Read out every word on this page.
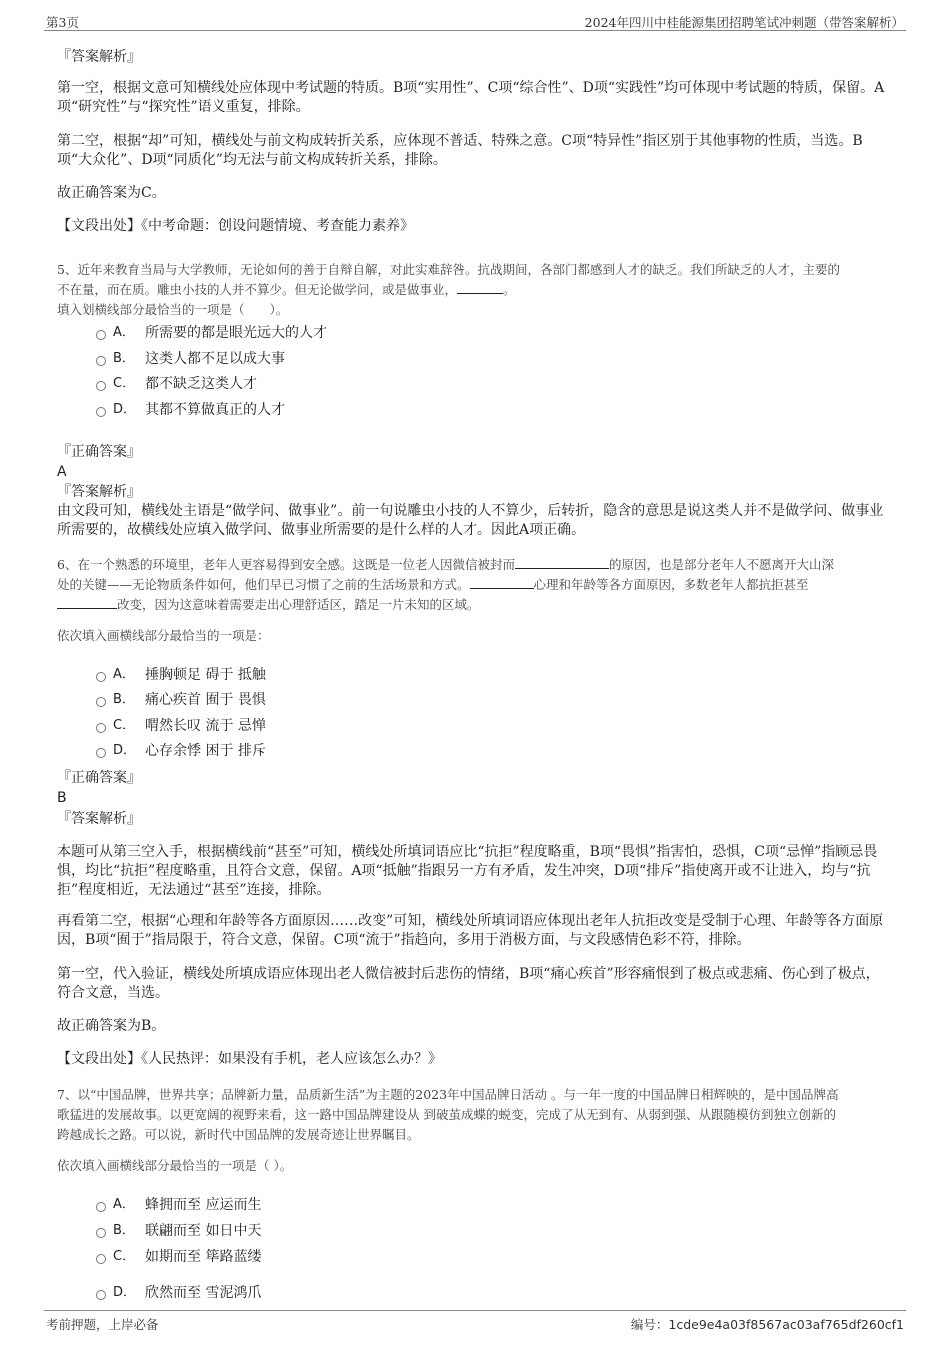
第3页	2024年四川中桂能源集团招聘笔试冲刺题（带答案解析）

『答案解析』

第一空，根据文意可知横线处应体现中考试题的特质。B项“实用性”、C项“综合性”、D项“实践性”均可体现中考试题的特质，保留。A项“研究性”与“探究性”语义重复，排除。

第二空，根据“却”可知，横线处与前文构成转折关系，应体现不普适、特殊之意。C项“特异性”指区别于其他事物的性质，当选。B项“大众化”、D项“同质化”均无法与前文构成转折关系，排除。

故正确答案为C。

【文段出处】《中考命题：创设问题情境、考查能力素养》

5、近年来教育当局与大学教师，无论如何的善于自辩自解，对此实难辞咎。抗战期间，各部门都感到人才的缺乏。我们所缺乏的人才，主要的

不在量，而在质。雕虫小技的人并不算少。但无论做学问，或是做事业，	。

填入划横线部分最恰当的一项是（　　）。

A． 所需要的都是眼光远大的人才
B． 这类人都不足以成大事
C． 都不缺乏这类人才
D． 其都不算做真正的人才

『正确答案』

A

『答案解析』

由文段可知，横线处主语是“做学问、做事业”。前一句说雕虫小技的人不算少，后转折，隐含的意思是说这类人并不是做学问、做事业所需要的，故横线处应填入做学问、做事业所需要的是什么样的人才。因此A项正确。

6、在一个熟悉的环境里，老年人更容易得到安全感。这既是一位老人因微信被封而	的原因，也是部分老年人不愿离开大山深

处的关键——无论物质条件如何，他们早已习惯了之前的生活场景和方式。	心理和年龄等各方面原因，多数老年人都抗拒甚至

改变，因为这意味着需要走出心理舒适区，踏足一片未知的区域。

依次填入画横线部分最恰当的一项是：

A． 捶胸顿足 碍于 抵触
B． 痛心疾首 囿于 畏惧
C． 喟然长叹 流于 忌惮
D． 心存余悸 困于 排斥

『正确答案』

B

『答案解析』

本题可从第三空入手，根据横线前“甚至”可知，横线处所填词语应比“抗拒”程度略重，B项“畏惧”指害怕，恐惧，C项“忌惮”指顾忌畏惧，均比“抗拒”程度略重，且符合文意，保留。A项“抵触”指跟另一方有矛盾，发生冲突，D项“排斥”指使离开或不让进入，均与“抗拒”程度相近，无法通过“甚至”连接，排除。

再看第二空，根据“心理和年龄等各方面原因……改变”可知，横线处所填词语应体现出老年人抗拒改变是受制于心理、年龄等各方面原因，B项“囿于”指局限于，符合文意，保留。C项“流于”指趋向，多用于消极方面，与文段感情色彩不符，排除。

第一空，代入验证，横线处所填成语应体现出老人微信被封后悲伤的情绪，B项“痛心疾首”形容痛恨到了极点或悲痛、伤心到了极点，符合文意，当选。

故正确答案为B。

【文段出处】《人民热评：如果没有手机，老人应该怎么办？》

7、以“中国品牌，世界共享；品牌新力量，品质新生活”为主题的2023年中国品牌日活动 。与一年一度的中国品牌日相辉映的，是中国品牌高

歌猛进的发展故事。以更宽阔的视野来看，这一路中国品牌建设从 到破茧成蝶的蜕变，完成了从无到有、从弱到强、从跟随模仿到独立创新的

跨越成长之路。可以说，新时代中国品牌的发展奇迹让世界瞩目。

依次填入画横线部分最恰当的一项是（ ）。

A． 蜂拥而至 应运而生
B． 联翩而至 如日中天
C． 如期而至 筚路蓝缕
D． 欣然而至 雪泥鸿爪
考前押题，上岸必备	编号：1cde9e4a03f8567ac03af765df260cf1
